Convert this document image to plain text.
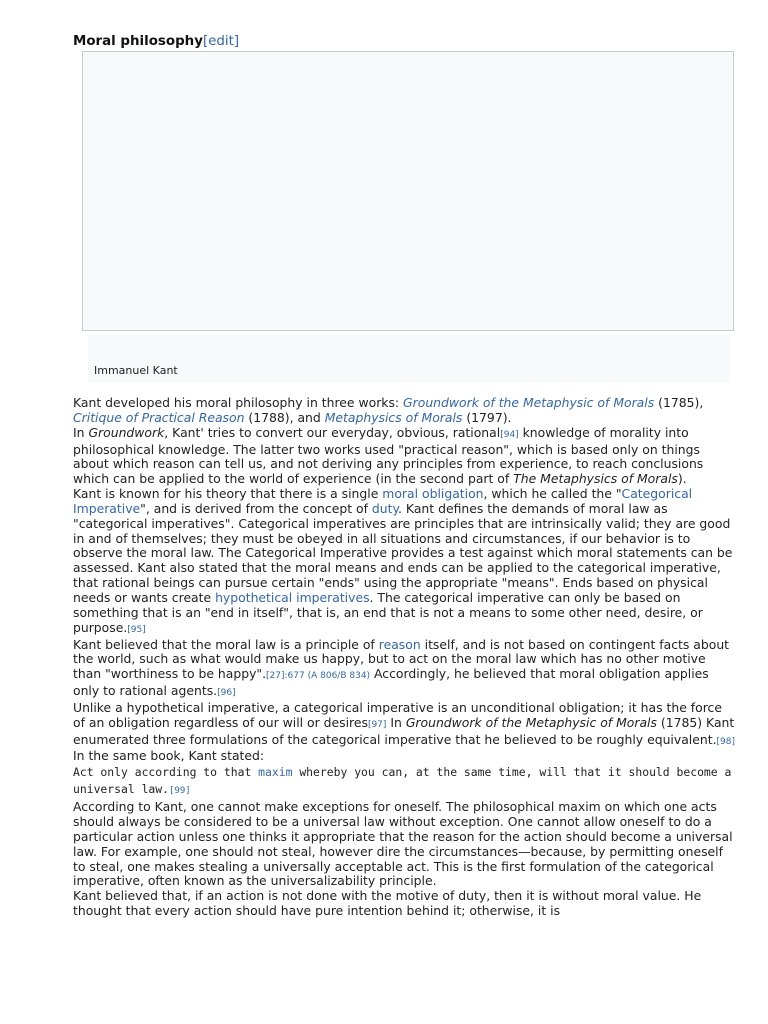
Moral philosophy[edit]
Immanuel Kant

Kant developed his moral philosophy in three works: Groundwork of the Metaphysic of Morals (1785), Critique of Practical Reason (1788), and Metaphysics of Morals (1797).

In Groundwork, Kant' tries to convert our everyday, obvious, rational[94] knowledge of morality into philosophical knowledge. The latter two works used "practical reason", which is based only on things about which reason can tell us, and not deriving any principles from experience, to reach conclusions which can be applied to the world of experience (in the second part of The Metaphysics of Morals).

Kant is known for his theory that there is a single moral obligation, which he called the "Categorical Imperative", and is derived from the concept of duty. Kant defines the demands of moral law as "categorical imperatives". Categorical imperatives are principles that are intrinsically valid; they are good in and of themselves; they must be obeyed in all situations and circumstances, if our behavior is to observe the moral law. The Categorical Imperative provides a test against which moral statements can be assessed. Kant also stated that the moral means and ends can be applied to the categorical imperative, that rational beings can pursue certain "ends" using the appropriate "means". Ends based on physical needs or wants create hypothetical imperatives. The categorical imperative can only be based on something that is an "end in itself", that is, an end that is not a means to some other need, desire, or purpose.[95]

Kant believed that the moral law is a principle of reason itself, and is not based on contingent facts about the world, such as what would make us happy, but to act on the moral law which has no other motive than "worthiness to be happy".[27]:677 (A 806/B 834) Accordingly, he believed that moral obligation applies only to rational agents.[96]

Unlike a hypothetical imperative, a categorical imperative is an unconditional obligation; it has the force of an obligation regardless of our will or desires[97] In Groundwork of the Metaphysic of Morals (1785) Kant enumerated three formulations of the categorical imperative that he believed to be roughly equivalent.[98] In the same book, Kant stated:

Act only according to that maxim whereby you can, at the same time, will that it should become a universal law.[99]

According to Kant, one cannot make exceptions for oneself. The philosophical maxim on which one acts should always be considered to be a universal law without exception. One cannot allow oneself to do a particular action unless one thinks it appropriate that the reason for the action should become a universal law. For example, one should not steal, however dire the circumstances—because, by permitting oneself to steal, one makes stealing a universally acceptable act. This is the first formulation of the categorical imperative, often known as the universalizability principle.

Kant believed that, if an action is not done with the motive of duty, then it is without moral value. He thought that every action should have pure intention behind it; otherwise, it is
